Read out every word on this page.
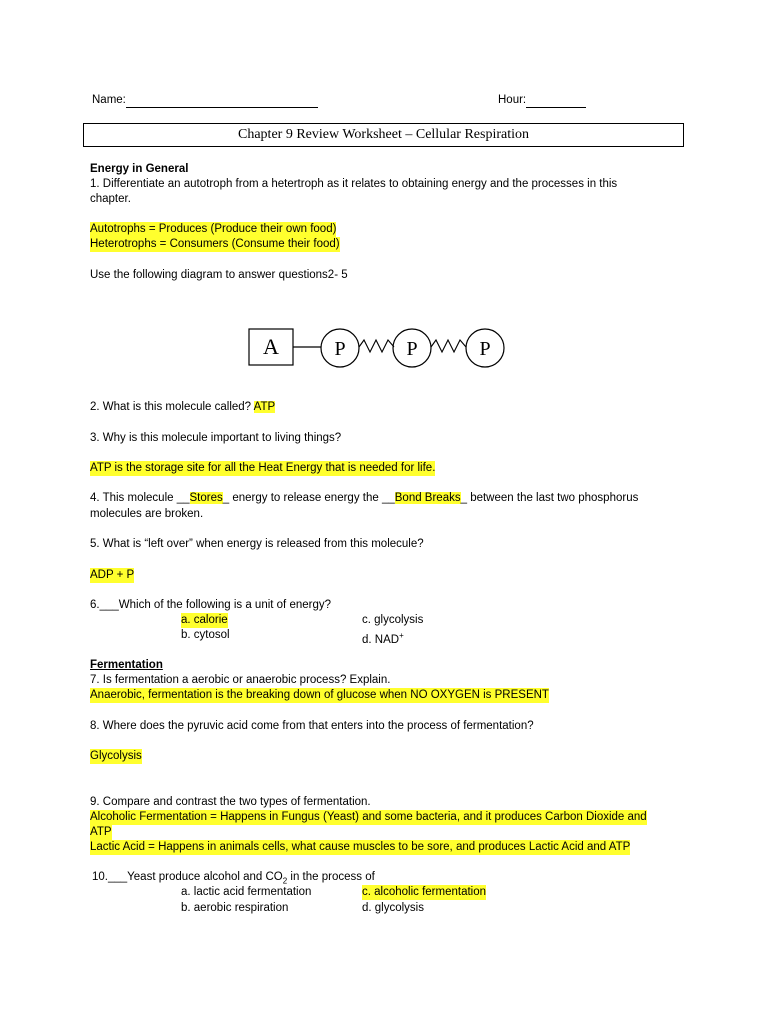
Name:	Hour:
Chapter 9 Review Worksheet – Cellular Respiration
Energy in General
1. Differentiate an autotroph from a hetertroph as it relates to obtaining energy and the processes in this
chapter.
Autotrophs = Produces (Produce their own food)
Heterotrophs = Consumers (Consume their food)
Use the following diagram to answer questions2- 5
A	P	P	P
2. What is this molecule called? ATP
3. Why is this molecule important to living things?
ATP is the storage site for all the Heat Energy that is needed for life.
4. This molecule __Stores_ energy to release energy the __Bond Breaks_ between the last two phosphorus
molecules are broken.
5. What is “left over” when energy is released from this molecule?
ADP + P
6.___Which of the following is a unit of energy?
a. calorie
b. cytosol
c. glycolysis
d. NAD+
Fermentation
7. Is fermentation a aerobic or anaerobic process? Explain.
Anaerobic, fermentation is the breaking down of glucose when NO OXYGEN is PRESENT
8. Where does the pyruvic acid come from that enters into the process of fermentation?
Glycolysis
9. Compare and contrast the two types of fermentation.
Alcoholic Fermentation = Happens in Fungus (Yeast) and some bacteria, and it produces Carbon Dioxide and
ATP
Lactic Acid = Happens in animals cells, what cause muscles to be sore, and produces Lactic Acid and ATP
10.___Yeast produce alcohol and $CO_2$ in the process of
a. lactic acid fermentation
b. aerobic respiration
c. alcoholic fermentation
d. glycolysis
